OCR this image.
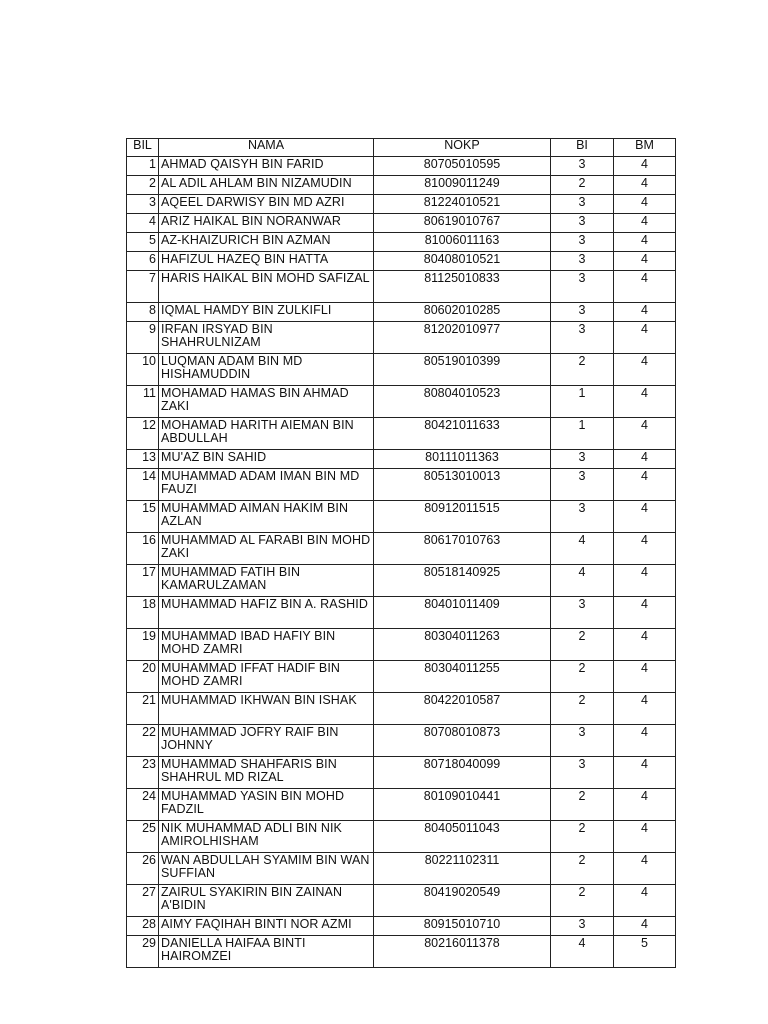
BIL	NAMA	NOKP	BI	BM
1	AHMAD QAISYH BIN FARID	80705010595	3	4
2	AL ADIL AHLAM BIN NIZAMUDIN	81009011249	2	4
3	AQEEL DARWISY BIN MD AZRI	81224010521	3	4
4	ARIZ HAIKAL BIN NORANWAR	80619010767	3	4
5	AZ-KHAIZURICH BIN AZMAN	81006011163	3	4
6	HAFIZUL HAZEQ BIN HATTA	80408010521	3	4
7	HARIS HAIKAL BIN MOHD SAFIZAL	81125010833	3	4
8	IQMAL HAMDY BIN ZULKIFLI	80602010285	3	4
9	IRFAN IRSYAD BIN SHAHRULNIZAM	81202010977	3	4
10	LUQMAN ADAM BIN MD HISHAMUDDIN	80519010399	2	4
11	MOHAMAD HAMAS BIN AHMAD ZAKI	80804010523	1	4
12	MOHAMAD HARITH AIEMAN BIN ABDULLAH	80421011633	1	4
13	MU'AZ BIN SAHID	80111011363	3	4
14	MUHAMMAD ADAM IMAN BIN MD FAUZI	80513010013	3	4
15	MUHAMMAD AIMAN HAKIM BIN AZLAN	80912011515	3	4
16	MUHAMMAD AL FARABI BIN MOHD ZAKI	80617010763	4	4
17	MUHAMMAD FATIH BIN KAMARULZAMAN	80518140925	4	4
18	MUHAMMAD HAFIZ BIN A. RASHID	80401011409	3	4
19	MUHAMMAD IBAD HAFIY BIN MOHD ZAMRI	80304011263	2	4
20	MUHAMMAD IFFAT HADIF BIN MOHD ZAMRI	80304011255	2	4
21	MUHAMMAD IKHWAN BIN ISHAK	80422010587	2	4
22	MUHAMMAD JOFRY RAIF BIN JOHNNY	80708010873	3	4
23	MUHAMMAD SHAHFARIS BIN SHAHRUL MD RIZAL	80718040099	3	4
24	MUHAMMAD YASIN BIN MOHD FADZIL	80109010441	2	4
25	NIK MUHAMMAD ADLI BIN NIK AMIROLHISHAM	80405011043	2	4
26	WAN ABDULLAH SYAMIM BIN WAN SUFFIAN	80221102311	2	4
27	ZAIRUL SYAKIRIN BIN ZAINAN A'BIDIN	80419020549	2	4
28	AIMY FAQIHAH BINTI NOR AZMI	80915010710	3	4
29	DANIELLA HAIFAA BINTI HAIROMZEI	80216011378	4	5
